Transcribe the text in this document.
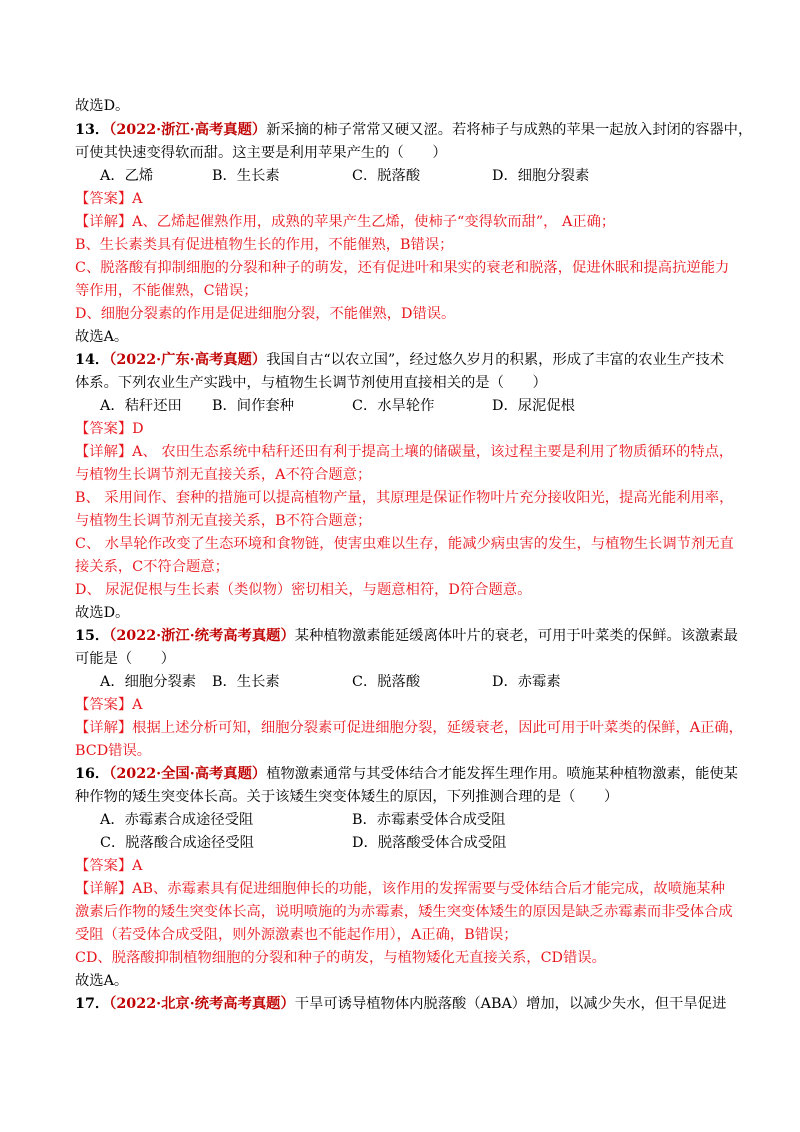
故选D。
13．（2022·浙江·高考真题）新采摘的柿子常常又硬又涩。若将柿子与成熟的苹果一起放入封闭的容器中，
可使其快速变得软而甜。这主要是利用苹果产生的（　　）
A．乙烯	B．生长素	C．脱落酸	D．细胞分裂素
【答案】A
【详解】A、乙烯起催熟作用，成熟的苹果产生乙烯，使柿子“变得软而甜”， A正确；
B、生长素类具有促进植物生长的作用，不能催熟，B错误；
C、脱落酸有抑制细胞的分裂和种子的萌发，还有促进叶和果实的衰老和脱落，促进休眠和提高抗逆能力
等作用，不能催熟，C错误；
D、细胞分裂素的作用是促进细胞分裂，不能催熟，D错误。
故选A。
14．（2022·广东·高考真题）我国自古“以农立国”，经过悠久岁月的积累，形成了丰富的农业生产技术
体系。下列农业生产实践中，与植物生长调节剂使用直接相关的是（　　）
A．秸秆还田 B．间作套种	C．水旱轮作	D．尿泥促根
【答案】D
【详解】A、 农田生态系统中秸秆还田有利于提高土壤的储碳量，该过程主要是利用了物质循环的特点，
与植物生长调节剂无直接关系，A不符合题意；
B、 采用间作、套种的措施可以提高植物产量，其原理是保证作物叶片充分接收阳光，提高光能利用率，
与植物生长调节剂无直接关系，B不符合题意；
C、 水旱轮作改变了生态环境和食物链，使害虫难以生存，能减少病虫害的发生，与植物生长调节剂无直
接关系，C不符合题意；
D、 尿泥促根与生长素（类似物）密切相关，与题意相符，D符合题意。
故选D。
15．（2022·浙江·统考高考真题）某种植物激素能延缓离体叶片的衰老，可用于叶菜类的保鲜。该激素最
可能是（　　）
A．细胞分裂素 B．生长素	C．脱落酸	D．赤霉素
【答案】A
【详解】根据上述分析可知，细胞分裂素可促进细胞分裂，延缓衰老，因此可用于叶菜类的保鲜，A正确，
BCD错误。
16．（2022·全国·高考真题）植物激素通常与其受体结合才能发挥生理作用。喷施某种植物激素，能使某
种作物的矮生突变体长高。关于该矮生突变体矮生的原因，下列推测合理的是（　　）
A．赤霉素合成途径受阻	B．赤霉素受体合成受阻
C．脱落酸合成途径受阻	D．脱落酸受体合成受阻
【答案】A
【详解】AB、赤霉素具有促进细胞伸长的功能，该作用的发挥需要与受体结合后才能完成，故喷施某种
激素后作物的矮生突变体长高，说明喷施的为赤霉素，矮生突变体矮生的原因是缺乏赤霉素而非受体合成
受阻（若受体合成受阻，则外源激素也不能起作用），A正确，B错误；
CD、脱落酸抑制植物细胞的分裂和种子的萌发，与植物矮化无直接关系，CD错误。
故选A。
17．（2022·北京·统考高考真题）干旱可诱导植物体内脱落酸（ABA）增加，以减少失水，但干旱促进
